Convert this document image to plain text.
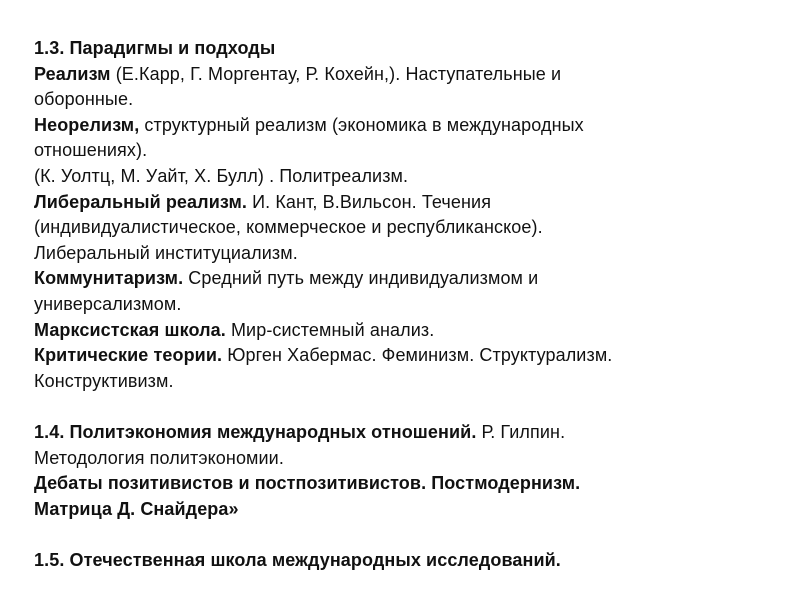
1.3. Парадигмы и подходы
Реализм (Е.Карр, Г. Моргентау, Р. Кохейн,). Наступательные и
оборонные.
Неорелизм, структурный реализм (экономика в международных
отношениях).
(К. Уолтц, М. Уайт, Х. Булл) . Политреализм.
Либеральный реализм. И. Кант, В.Вильсон. Течения
(индивидуалистическое, коммерческое и республиканское).
Либеральный институциализм.
Коммунитаризм. Средний путь между индивидуализмом и
универсализмом.
Марксистская школа. Мир-системный анализ.
Критические теории. Юрген Хабермас. Феминизм. Структурализм.
Конструктивизм.
1.4. Политэкономия международных отношений. Р. Гилпин.
Методология политэкономии.
Дебаты позитивистов и постпозитивистов. Постмодернизм.
Матрица Д. Снайдера»
1.5. Отечественная школа международных исследований.
